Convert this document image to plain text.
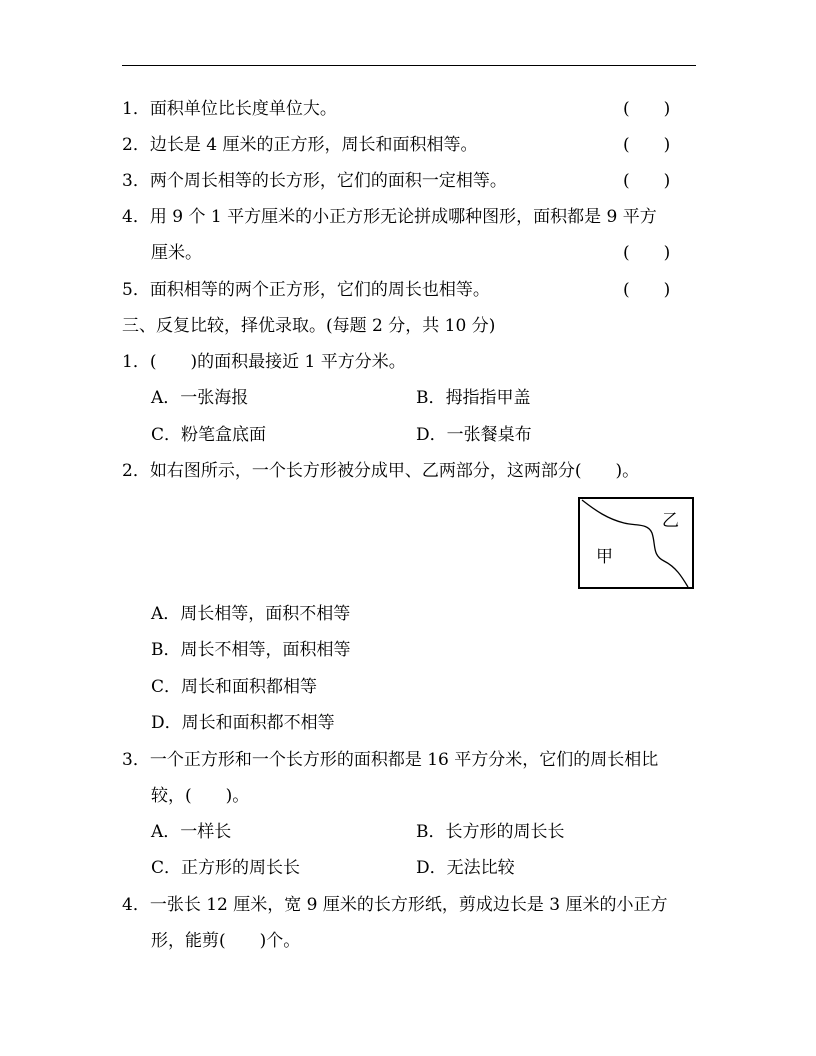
1．面积单位比长度单位大。	(　　)
2．边长是 4 厘米的正方形，周长和面积相等。	(　　)
3．两个周长相等的长方形，它们的面积一定相等。	(　　)
4．用 9 个 1 平方厘米的小正方形无论拼成哪种图形，面积都是 9 平方
厘米。	(　　)
5．面积相等的两个正方形，它们的周长也相等。	(　　)
三、反复比较，择优录取。(每题 2 分，共 10 分)
1．(　　)的面积最接近 1 平方分米。
A．一张海报	B．拇指指甲盖
C．粉笔盒底面	D．一张餐桌布
2．如右图所示，一个长方形被分成甲、乙两部分，这两部分(　　)。
甲
乙
A．周长相等，面积不相等
B．周长不相等，面积相等
C．周长和面积都相等
D．周长和面积都不相等
3．一个正方形和一个长方形的面积都是 16 平方分米，它们的周长相比
较，(　　)。
A．一样长	B．长方形的周长长
C．正方形的周长长	D．无法比较
4．一张长 12 厘米，宽 9 厘米的长方形纸，剪成边长是 3 厘米的小正方
形，能剪(　　)个。
